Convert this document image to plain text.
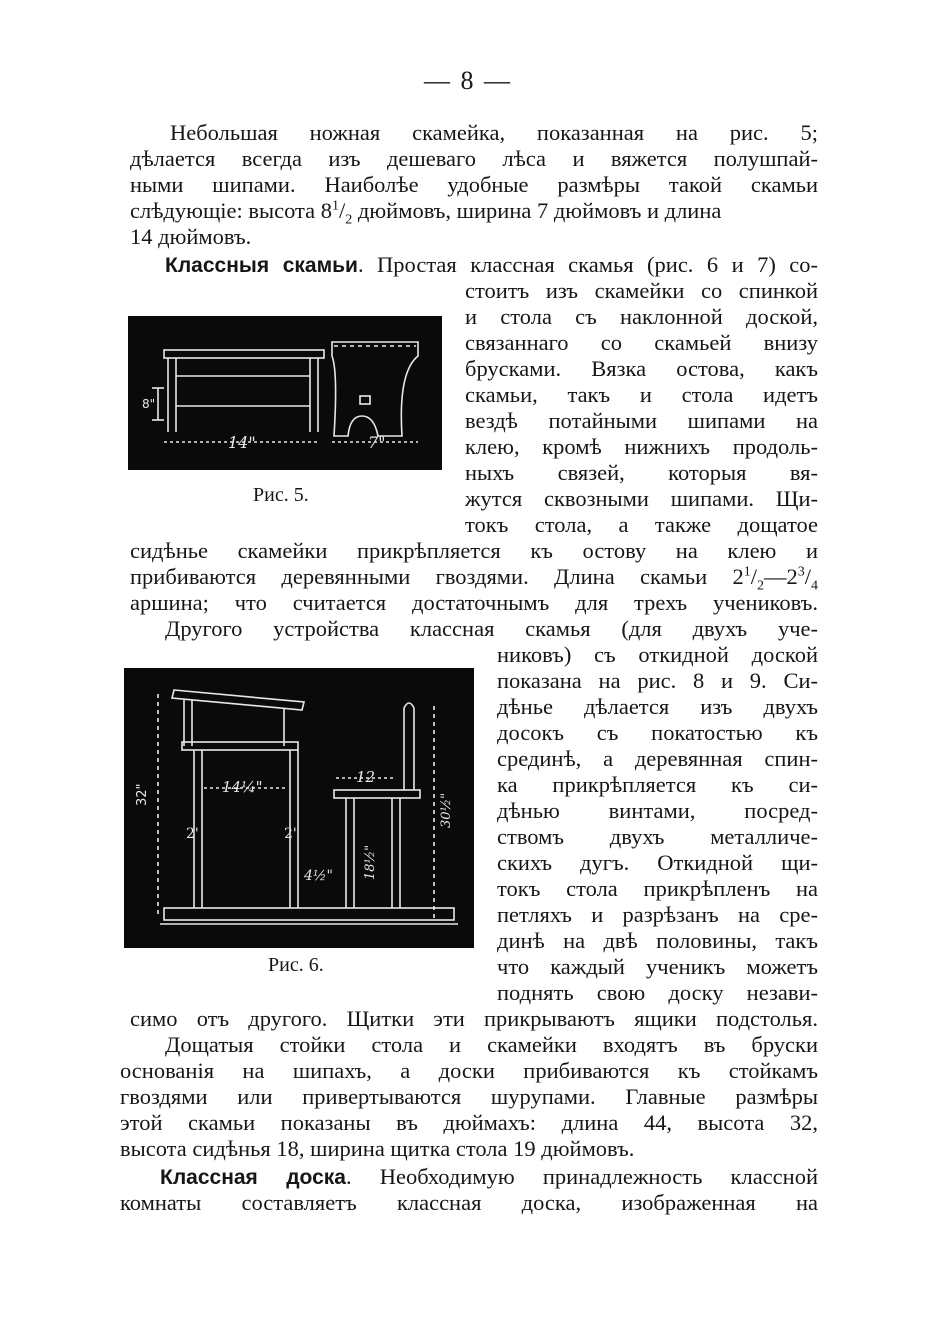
— 8 —
Небольшая ножная скамейка, показанная на рис. 5;
дѣлается всегда изъ дешеваго лѣса и вяжется полушпай-
ными шипами. Наиболѣе удобные размѣры такой скамьи
слѣдующіе: высота $8^1/_2$ дюймовъ, ширина 7 дюймовъ и длина
14 дюймовъ.
Классныя скамьи. Простая классная скамья (рис. 6 и 7) со-
стоитъ изъ скамейки со спинкой
и стола съ наклонной доской,
связаннаго со скамьей внизу
брусками. Вязка остова, какъ
скамьи, такъ и стола идетъ
вездѣ потайными шипами на
клею, кромѣ нижнихъ продоль-
ныхъ связей, которыя вя-
жутся сквозными шипами. Щи-
токъ стола, а также дощатое
сидѣнье скамейки прикрѣпляется къ остову на клею и
прибиваются деревянными гвоздями. Длина скамьи $2^1/_2—2^3/_4$
аршина; что считается достаточнымъ для трехъ учениковъ.
Другого устройства классная скамья (для двухъ уче-
никовъ) съ откидной доской
показана на рис. 8 и 9. Си-
дѣнье дѣлается изъ двухъ
досокъ съ покатостью къ
срединѣ, а деревянная спин-
ка прикрѣпляется къ си-
дѣнью винтами, посред-
ствомъ двухъ металличе-
скихъ дугъ. Откидной щи-
токъ стола прикрѣпленъ на
петляхъ и разрѣзанъ на сре-
динѣ на двѣ половины, такъ
что каждый ученикъ можетъ
поднять свою доску незави-
симо отъ другого. Щитки эти прикрываютъ ящики подстолья.
Дощатыя стойки стола и скамейки входятъ въ бруски
основанія на шипахъ, а доски прибиваются къ стойкамъ
гвоздями или привертываются шурупами. Главные размѣры
этой скамьи показаны въ дюймахъ: длина 44, высота 32,
высота сидѣнья 18, ширина щитка стола 19 дюймовъ.
Классная доска. Необходимую принадлежность классной
комнаты составляетъ классная доска, изображенная на
8"
14"	7"
Рис. 5.
32"	14¼"
12
30½"
2'	2'
4½" 18½"
Рис. 6.
